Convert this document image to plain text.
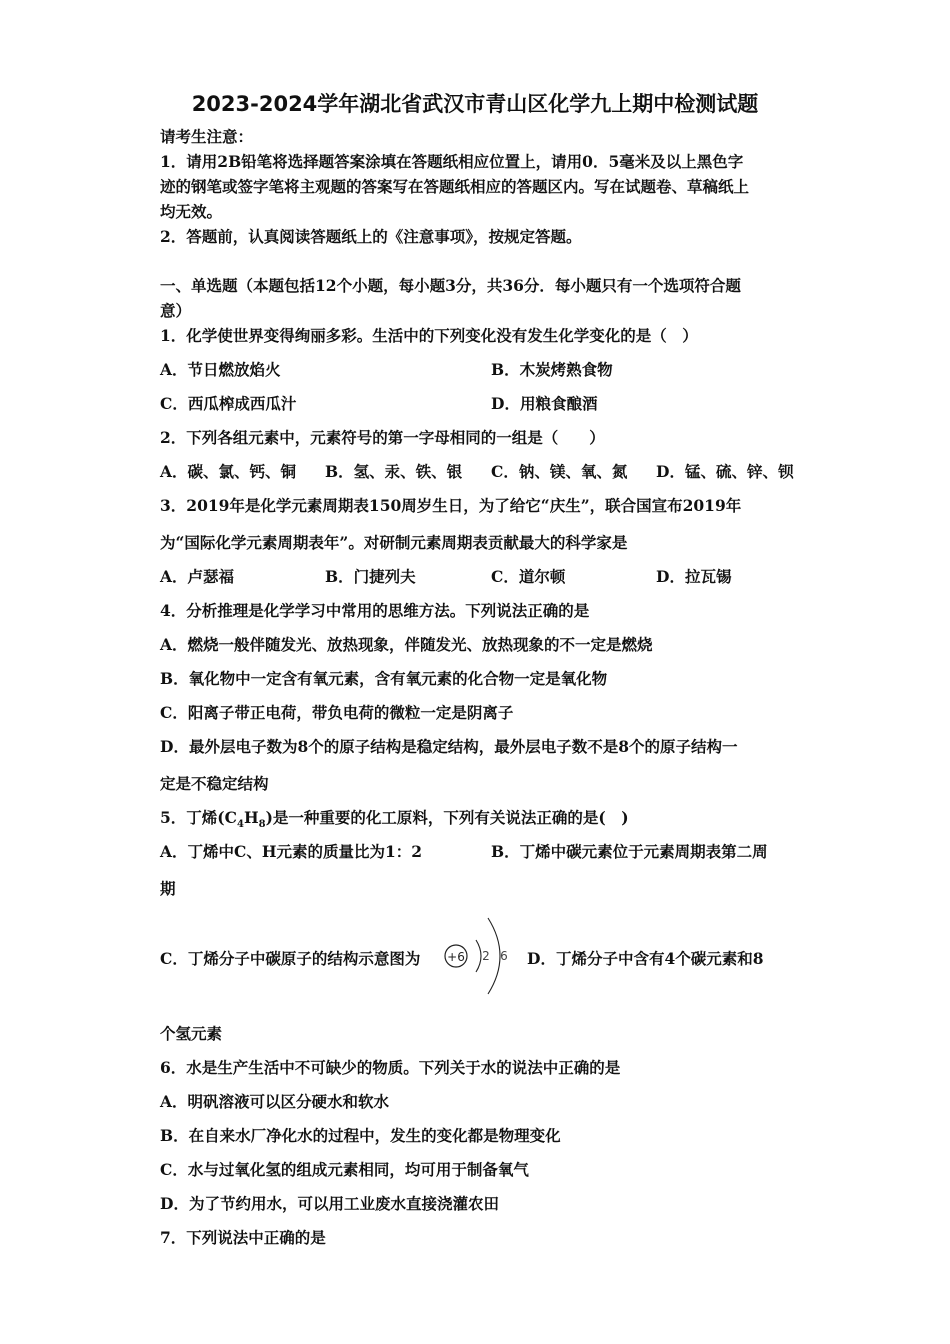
2023-2024学年湖北省武汉市青山区化学九上期中检测试题
请考生注意：
1．请用2B铅笔将选择题答案涂填在答题纸相应位置上，请用0．5毫米及以上黑色字
迹的钢笔或签字笔将主观题的答案写在答题纸相应的答题区内。写在试题卷、草稿纸上
均无效。
2．答题前，认真阅读答题纸上的《注意事项》，按规定答题。
一、单选题（本题包括12个小题，每小题3分，共36分．每小题只有一个选项符合题
意）
1．化学使世界变得绚丽多彩。生活中的下列变化没有发生化学变化的是（　）
A．节日燃放焰火	B．木炭烤熟食物
C．西瓜榨成西瓜汁	D．用粮食酿酒
2．下列各组元素中，元素符号的第一字母相同的一组是（　　）
A．碳、氯、钙、铜 B．氢、汞、铁、银 C．钠、镁、氧、氮 D．锰、硫、锌、钡
3．2019年是化学元素周期表150周岁生日，为了给它“庆生”，联合国宣布2019年
为“国际化学元素周期表年”。对研制元素周期表贡献最大的科学家是
A．卢瑟福	B．门捷列夫	C．道尔顿	D．拉瓦锡
4．分析推理是化学学习中常用的思维方法。下列说法正确的是
A．燃烧一般伴随发光、放热现象，伴随发光、放热现象的不一定是燃烧
B．氧化物中一定含有氧元素，含有氧元素的化合物一定是氧化物
C．阳离子带正电荷，带负电荷的微粒一定是阴离子
D．最外层电子数为8个的原子结构是稳定结构，最外层电子数不是8个的原子结构一
定是不稳定结构
5．丁烯$(C_4H_8)$是一种重要的化工原料，下列有关说法正确的是(　)
A．丁烯中C、H元素的质量比为1：2	B．丁烯中碳元素位于元素周期表第二周
期
C．丁烯分子中碳原子的结构示意图为 +6 2 6 D．丁烯分子中含有4个碳元素和8
个氢元素
6．水是生产生活中不可缺少的物质。下列关于水的说法中正确的是
A．明矾溶液可以区分硬水和软水
B．在自来水厂净化水的过程中，发生的变化都是物理变化
C．水与过氧化氢的组成元素相同，均可用于制备氧气
D．为了节约用水，可以用工业废水直接浇灌农田
7．下列说法中正确的是
